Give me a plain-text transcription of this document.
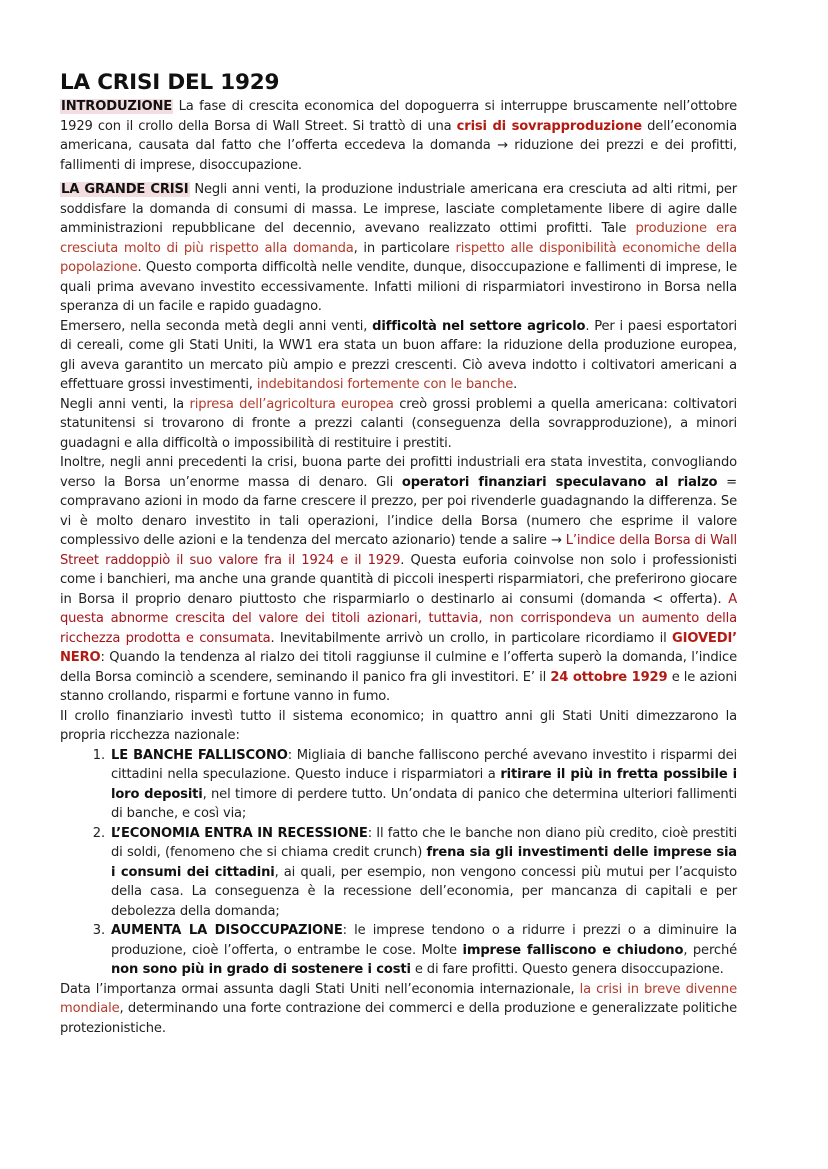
LA CRISI DEL 1929

INTRODUZIONE La fase di crescita economica del dopoguerra si interruppe bruscamente nell’ottobre 1929 con il crollo della Borsa di Wall Street. Si trattò di una crisi di sovrapproduzione dell’economia americana, causata dal fatto che l’offerta eccedeva la domanda → riduzione dei prezzi e dei profitti, fallimenti di imprese, disoccupazione.

LA GRANDE CRISI Negli anni venti, la produzione industriale americana era cresciuta ad alti ritmi, per soddisfare la domanda di consumi di massa. Le imprese, lasciate completamente libere di agire dalle amministrazioni repubblicane del decennio, avevano realizzato ottimi profitti. Tale produzione era cresciuta molto di più rispetto alla domanda, in particolare rispetto alle disponibilità economiche della popolazione. Questo comporta difficoltà nelle vendite, dunque, disoccupazione e fallimenti di imprese, le quali prima avevano investito eccessivamente. Infatti milioni di risparmiatori investirono in Borsa nella speranza di un facile e rapido guadagno.

Emersero, nella seconda metà degli anni venti, difficoltà nel settore agricolo. Per i paesi esportatori di cereali, come gli Stati Uniti, la WW1 era stata un buon affare: la riduzione della produzione europea, gli aveva garantito un mercato più ampio e prezzi crescenti. Ciò aveva indotto i coltivatori americani a effettuare grossi investimenti, indebitandosi fortemente con le banche.

Negli anni venti, la ripresa dell’agricoltura europea creò grossi problemi a quella americana: coltivatori statunitensi si trovarono di fronte a prezzi calanti (conseguenza della sovrapproduzione), a minori guadagni e alla difficoltà o impossibilità di restituire i prestiti.

Inoltre, negli anni precedenti la crisi, buona parte dei profitti industriali era stata investita, convogliando verso la Borsa un’enorme massa di denaro. Gli operatori finanziari speculavano al rialzo = compravano azioni in modo da farne crescere il prezzo, per poi rivenderle guadagnando la differenza. Se vi è molto denaro investito in tali operazioni, l’indice della Borsa (numero che esprime il valore complessivo delle azioni e la tendenza del mercato azionario) tende a salire → L’indice della Borsa di Wall Street raddoppiò il suo valore fra il 1924 e il 1929. Questa euforia coinvolse non solo i professionisti come i banchieri, ma anche una grande quantità di piccoli inesperti risparmiatori, che preferirono giocare in Borsa il proprio denaro piuttosto che risparmiarlo o destinarlo ai consumi (domanda < offerta). A questa abnorme crescita del valore dei titoli azionari, tuttavia, non corrispondeva un aumento della ricchezza prodotta e consumata. Inevitabilmente arrivò un crollo, in particolare ricordiamo il GIOVEDI’ NERO: Quando la tendenza al rialzo dei titoli raggiunse il culmine e l’offerta superò la domanda, l’indice della Borsa cominciò a scendere, seminando il panico fra gli investitori. E’ il 24 ottobre 1929 e le azioni stanno crollando, risparmi e fortune vanno in fumo.

Il crollo finanziario investì tutto il sistema economico; in quattro anni gli Stati Uniti dimezzarono la propria ricchezza nazionale:

1. LE BANCHE FALLISCONO: Migliaia di banche falliscono perché avevano investito i risparmi dei cittadini nella speculazione. Questo induce i risparmiatori a ritirare il più in fretta possibile i loro depositi, nel timore di perdere tutto. Un’ondata di panico che determina ulteriori fallimenti di banche, e così via;
2. L’ECONOMIA ENTRA IN RECESSIONE: Il fatto che le banche non diano più credito, cioè prestiti di soldi, (fenomeno che si chiama credit crunch) frena sia gli investimenti delle imprese sia i consumi dei cittadini, ai quali, per esempio, non vengono concessi più mutui per l’acquisto della casa. La conseguenza è la recessione dell’economia, per mancanza di capitali e per debolezza della domanda;
3. AUMENTA LA DISOCCUPAZIONE: le imprese tendono o a ridurre i prezzi o a diminuire la produzione, cioè l’offerta, o entrambe le cose. Molte imprese falliscono e chiudono, perché non sono più in grado di sostenere i costi e di fare profitti. Questo genera disoccupazione.

Data l’importanza ormai assunta dagli Stati Uniti nell’economia internazionale, la crisi in breve divenne mondiale, determinando una forte contrazione dei commerci e della produzione e generalizzate politiche protezionistiche.
